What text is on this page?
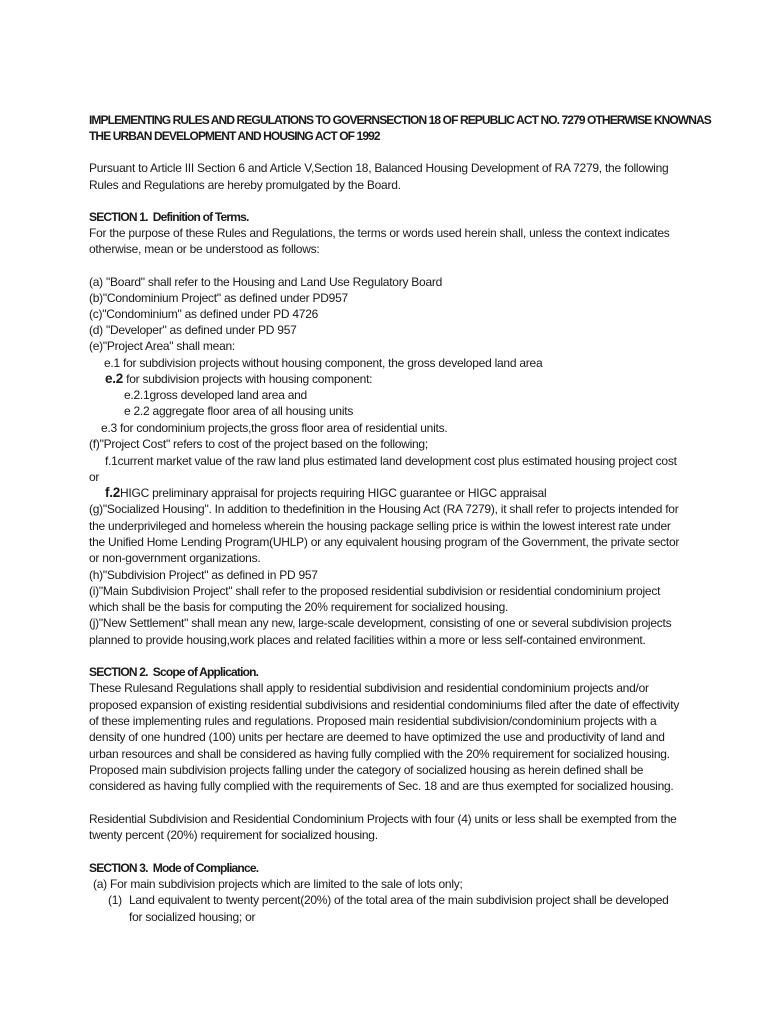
IMPLEMENTING RULES AND REGULATIONS TO GOVERNSECTION 18 OF REPUBLIC ACT NO. 7279 OTHERWISE KNOWNAS
THE URBAN DEVELOPMENT AND HOUSING ACT OF 1992
Pursuant to Article III Section 6 and Article V,Section 18, Balanced Housing Development of RA 7279, the following
Rules and Regulations are hereby promulgated by the Board.
SECTION 1. Definition of Terms.
For the purpose of these Rules and Regulations, the terms or words used herein shall, unless the context indicates
otherwise, mean or be understood as follows:
(a) "Board" shall refer to the Housing and Land Use Regulatory Board
(b)"Condominium Project" as defined under PD957
(c)"Condominium" as defined under PD 4726
(d) "Developer" as defined under PD 957
(e)"Project Area" shall mean:
e.1 for subdivision projects without housing component, the gross developed land area
e.2 for subdivision projects with housing component:
e.2.1gross developed land area and
e 2.2 aggregate floor area of all housing units
e.3 for condominium projects,the gross floor area of residential units.
(f)"Project Cost" refers to cost of the project based on the following;
f.1current market value of the raw land plus estimated land development cost plus estimated housing project cost
or
f.2HIGC preliminary appraisal for projects requiring HIGC guarantee or HIGC appraisal
(g)"Socialized Housing". In addition to thedefinition in the Housing Act (RA 7279), it shall refer to projects intended for
the underprivileged and homeless wherein the housing package selling price is within the lowest interest rate under
the Unified Home Lending Program(UHLP) or any equivalent housing program of the Government, the private sector
or non-government organizations.
(h)"Subdivision Project" as defined in PD 957
(i)"Main Subdivision Project" shall refer to the proposed residential subdivision or residential condominium project
which shall be the basis for computing the 20% requirement for socialized housing.
(j)"New Settlement" shall mean any new, large-scale development, consisting of one or several subdivision projects
planned to provide housing,work places and related facilities within a more or less self-contained environment.
SECTION 2. Scope of Application.
These Rulesand Regulations shall apply to residential subdivision and residential condominium projects and/or
proposed expansion of existing residential subdivisions and residential condominiums filed after the date of effectivity
of these implementing rules and regulations. Proposed main residential subdivision/condominium projects with a
density of one hundred (100) units per hectare are deemed to have optimized the use and productivity of land and
urban resources and shall be considered as having fully complied with the 20% requirement for socialized housing.
Proposed main subdivision projects falling under the category of socialized housing as herein defined shall be
considered as having fully complied with the requirements of Sec. 18 and are thus exempted for socialized housing.
Residential Subdivision and Residential Condominium Projects with four (4) units or less shall be exempted from the
twenty percent (20%) requirement for socialized housing.
SECTION 3. Mode of Compliance.
(a) For main subdivision projects which are limited to the sale of lots only;
(1) Land equivalent to twenty percent(20%) of the total area of the main subdivision project shall be developed
for socialized housing; or
